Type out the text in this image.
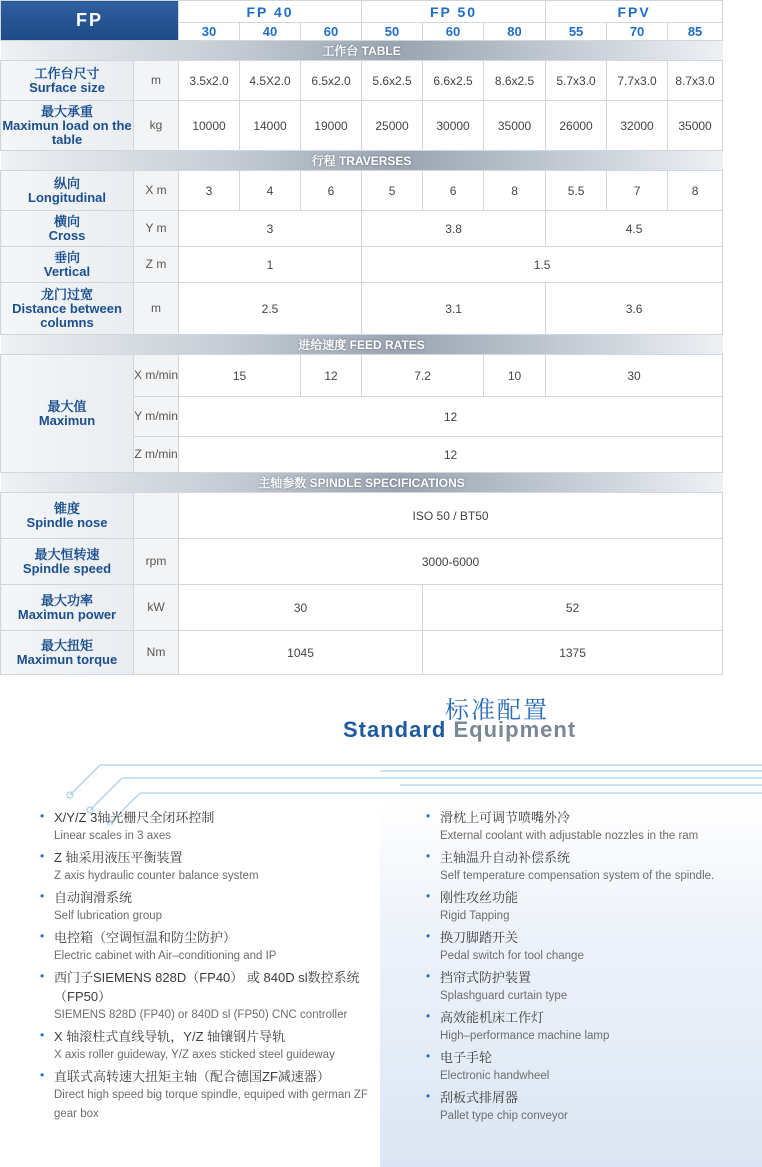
FP		FP 40			FP 50			FPV		
		30	40	60	50	60	80	55	70	85
工作台 TABLE										

工作台尺寸
Surface size	m	3.5x2.0	4.5X2.0	6.5x2.0	5.6x2.5	6.6x2.5	8.6x2.5	5.7x3.0	7.7x3.0	8.7x3.0

最大承重
Maximun load on the table	kg	10000	14000	19000	25000	30000	35000	26000	32000	35000
行程 TRAVERSES										

纵向
Longitudinal	X m	3	4	6	5	6	8	5.5	7	8

横向
Cross	Y m	3			3.8			4.5		

垂向
Vertical	Z m	1			1.5					

龙门过宽
Distance between columns	m	2.5			3.1			3.6		
进给速度 FEED RATES										

最大值
Maximun	X m/min	15		12	7.2		10	30		
	Y m/min	12								
	Z m/min	12								
主轴参数 SPINDLE SPECIFICATIONS										

锥度
Spindle nose		ISO 50 / BT50								

最大恒转速
Spindle speed	rpm	3000-6000								

最大功率
Maximun power	kW	30				52				

最大扭矩
Maximun torque	Nm	1045				1375				
标准配置
Standard Equipment
• X/Y/Z 3轴光栅尺全闭环控制
Linear scales in 3 axes
• Z 轴采用液压平衡装置
Z axis hydraulic counter balance system
• 自动润滑系统
Self lubrication group
• 电控箱（空调恒温和防尘防护）
Electric cabinet with Air–conditioning and IP
• 西门子SIEMENS 828D（FP40） 或 840D sl数控系统（FP50）
SIEMENS 828D (FP40) or 840D sl (FP50) CNC controller
• X 轴滚柱式直线导轨，Y/Z 轴镶钢片导轨
X axis roller guideway, Y/Z axes sticked steel guideway
• 直联式高转速大扭矩主轴（配合德国ZF减速器）
Direct high speed big torque spindle, equiped with german ZF gear box
• 滑枕上可调节喷嘴外冷
External coolant with adjustable nozzles in the ram
• 主轴温升自动补偿系统
Self temperature compensation system of the spindle.
• 刚性攻丝功能
Rigid Tapping
• 换刀脚踏开关
Pedal switch for tool change
• 挡帘式防护装置
Splashguard curtain type
• 高效能机床工作灯
High–performance machine lamp
• 电子手轮
Electronic handwheel
• 刮板式排屑器
Pallet type chip conveyor
